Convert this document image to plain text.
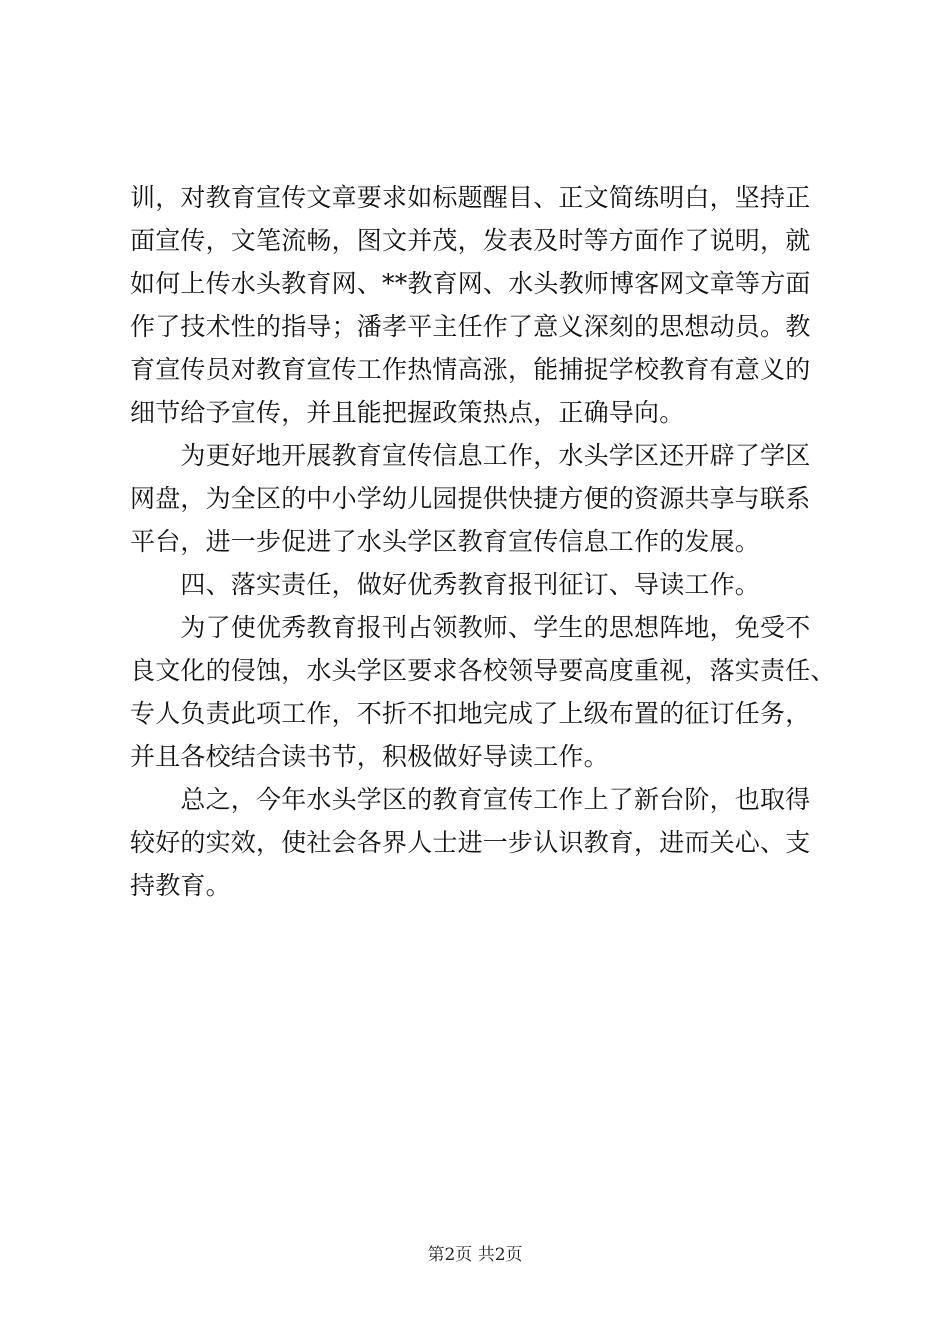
训，对教育宣传文章要求如标题醒目、正文简练明白，坚持正
面宣传，文笔流畅，图文并茂，发表及时等方面作了说明，就
如何上传水头教育网、**教育网、水头教师博客网文章等方面
作了技术性的指导；潘孝平主任作了意义深刻的思想动员。教
育宣传员对教育宣传工作热情高涨，能捕捉学校教育有意义的
细节给予宣传，并且能把握政策热点，正确导向。
　　为更好地开展教育宣传信息工作，水头学区还开辟了学区
网盘，为全区的中小学幼儿园提供快捷方便的资源共享与联系
平台，进一步促进了水头学区教育宣传信息工作的发展。
　　四、落实责任，做好优秀教育报刊征订、导读工作。
　　为了使优秀教育报刊占领教师、学生的思想阵地，免受不
良文化的侵蚀，水头学区要求各校领导要高度重视，落实责任、
专人负责此项工作，不折不扣地完成了上级布置的征订任务，
并且各校结合读书节，积极做好导读工作。
　　总之，今年水头学区的教育宣传工作上了新台阶，也取得
较好的实效，使社会各界人士进一步认识教育，进而关心、支
持教育。
第2页 共2页
